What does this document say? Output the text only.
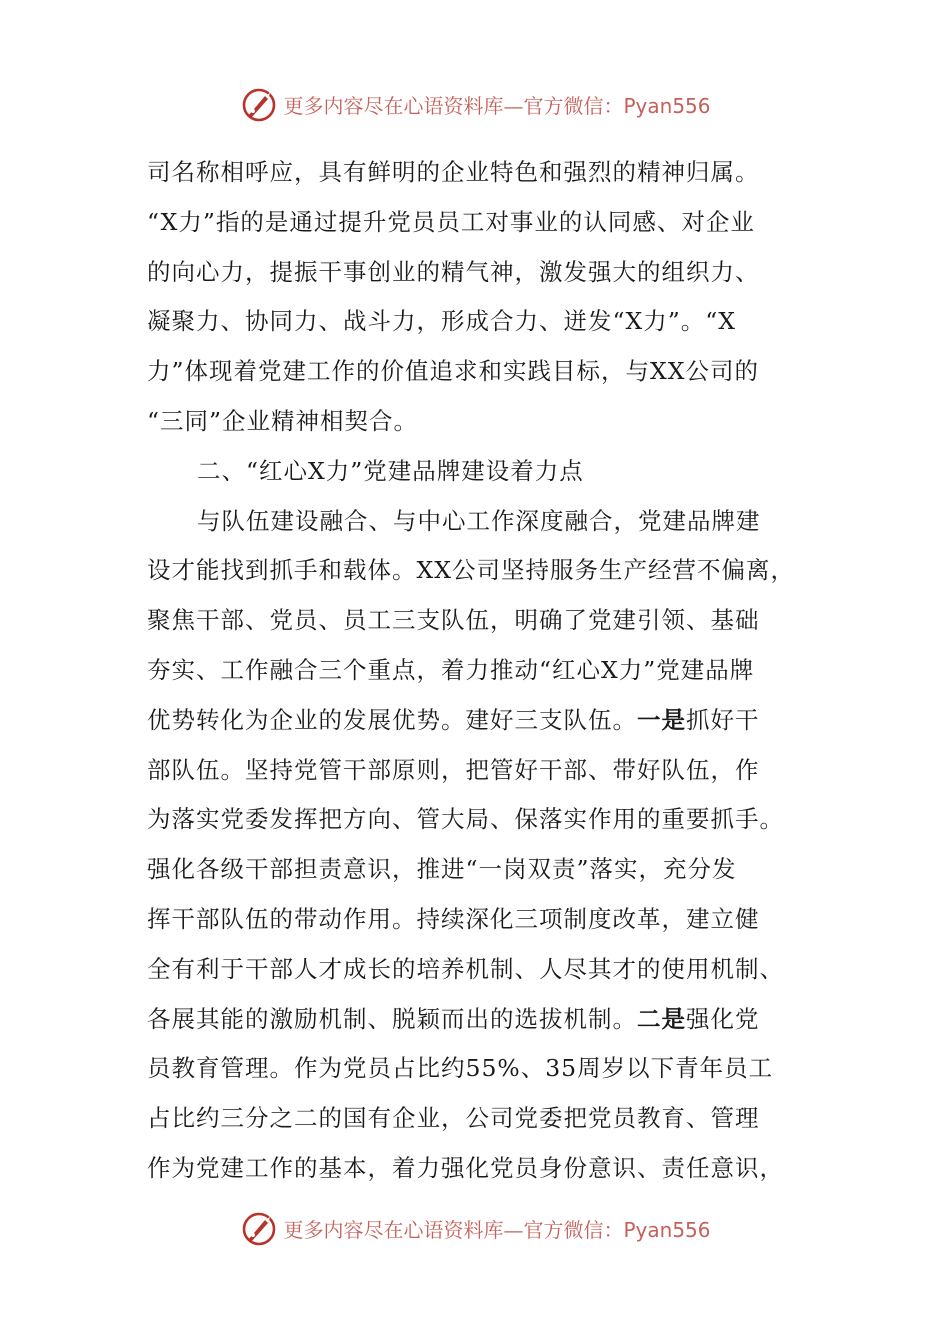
更多内容尽在心语资料库—官方微信：Pyan556
司名称相呼应，具有鲜明的企业特色和强烈的精神归属。
“X力”指的是通过提升党员员工对事业的认同感、对企业
的向心力，提振干事创业的精气神，激发强大的组织力、
凝聚力、协同力、战斗力，形成合力、迸发“X力”。“X
力”体现着党建工作的价值追求和实践目标，与XX公司的
“三同”企业精神相契合。
二、“红心X力”党建品牌建设着力点
与队伍建设融合、与中心工作深度融合，党建品牌建
设才能找到抓手和载体。XX公司坚持服务生产经营不偏离，
聚焦干部、党员、员工三支队伍，明确了党建引领、基础
夯实、工作融合三个重点，着力推动“红心X力”党建品牌
优势转化为企业的发展优势。建好三支队伍。一是抓好干
部队伍。坚持党管干部原则，把管好干部、带好队伍，作
为落实党委发挥把方向、管大局、保落实作用的重要抓手。
强化各级干部担责意识，推进“一岗双责”落实，充分发
挥干部队伍的带动作用。持续深化三项制度改革，建立健
全有利于干部人才成长的培养机制、人尽其才的使用机制、
各展其能的激励机制、脱颖而出的选拔机制。二是强化党
员教育管理。作为党员占比约55%、35周岁以下青年员工
占比约三分之二的国有企业，公司党委把党员教育、管理
作为党建工作的基本，着力强化党员身份意识、责任意识，
更多内容尽在心语资料库—官方微信：Pyan556
